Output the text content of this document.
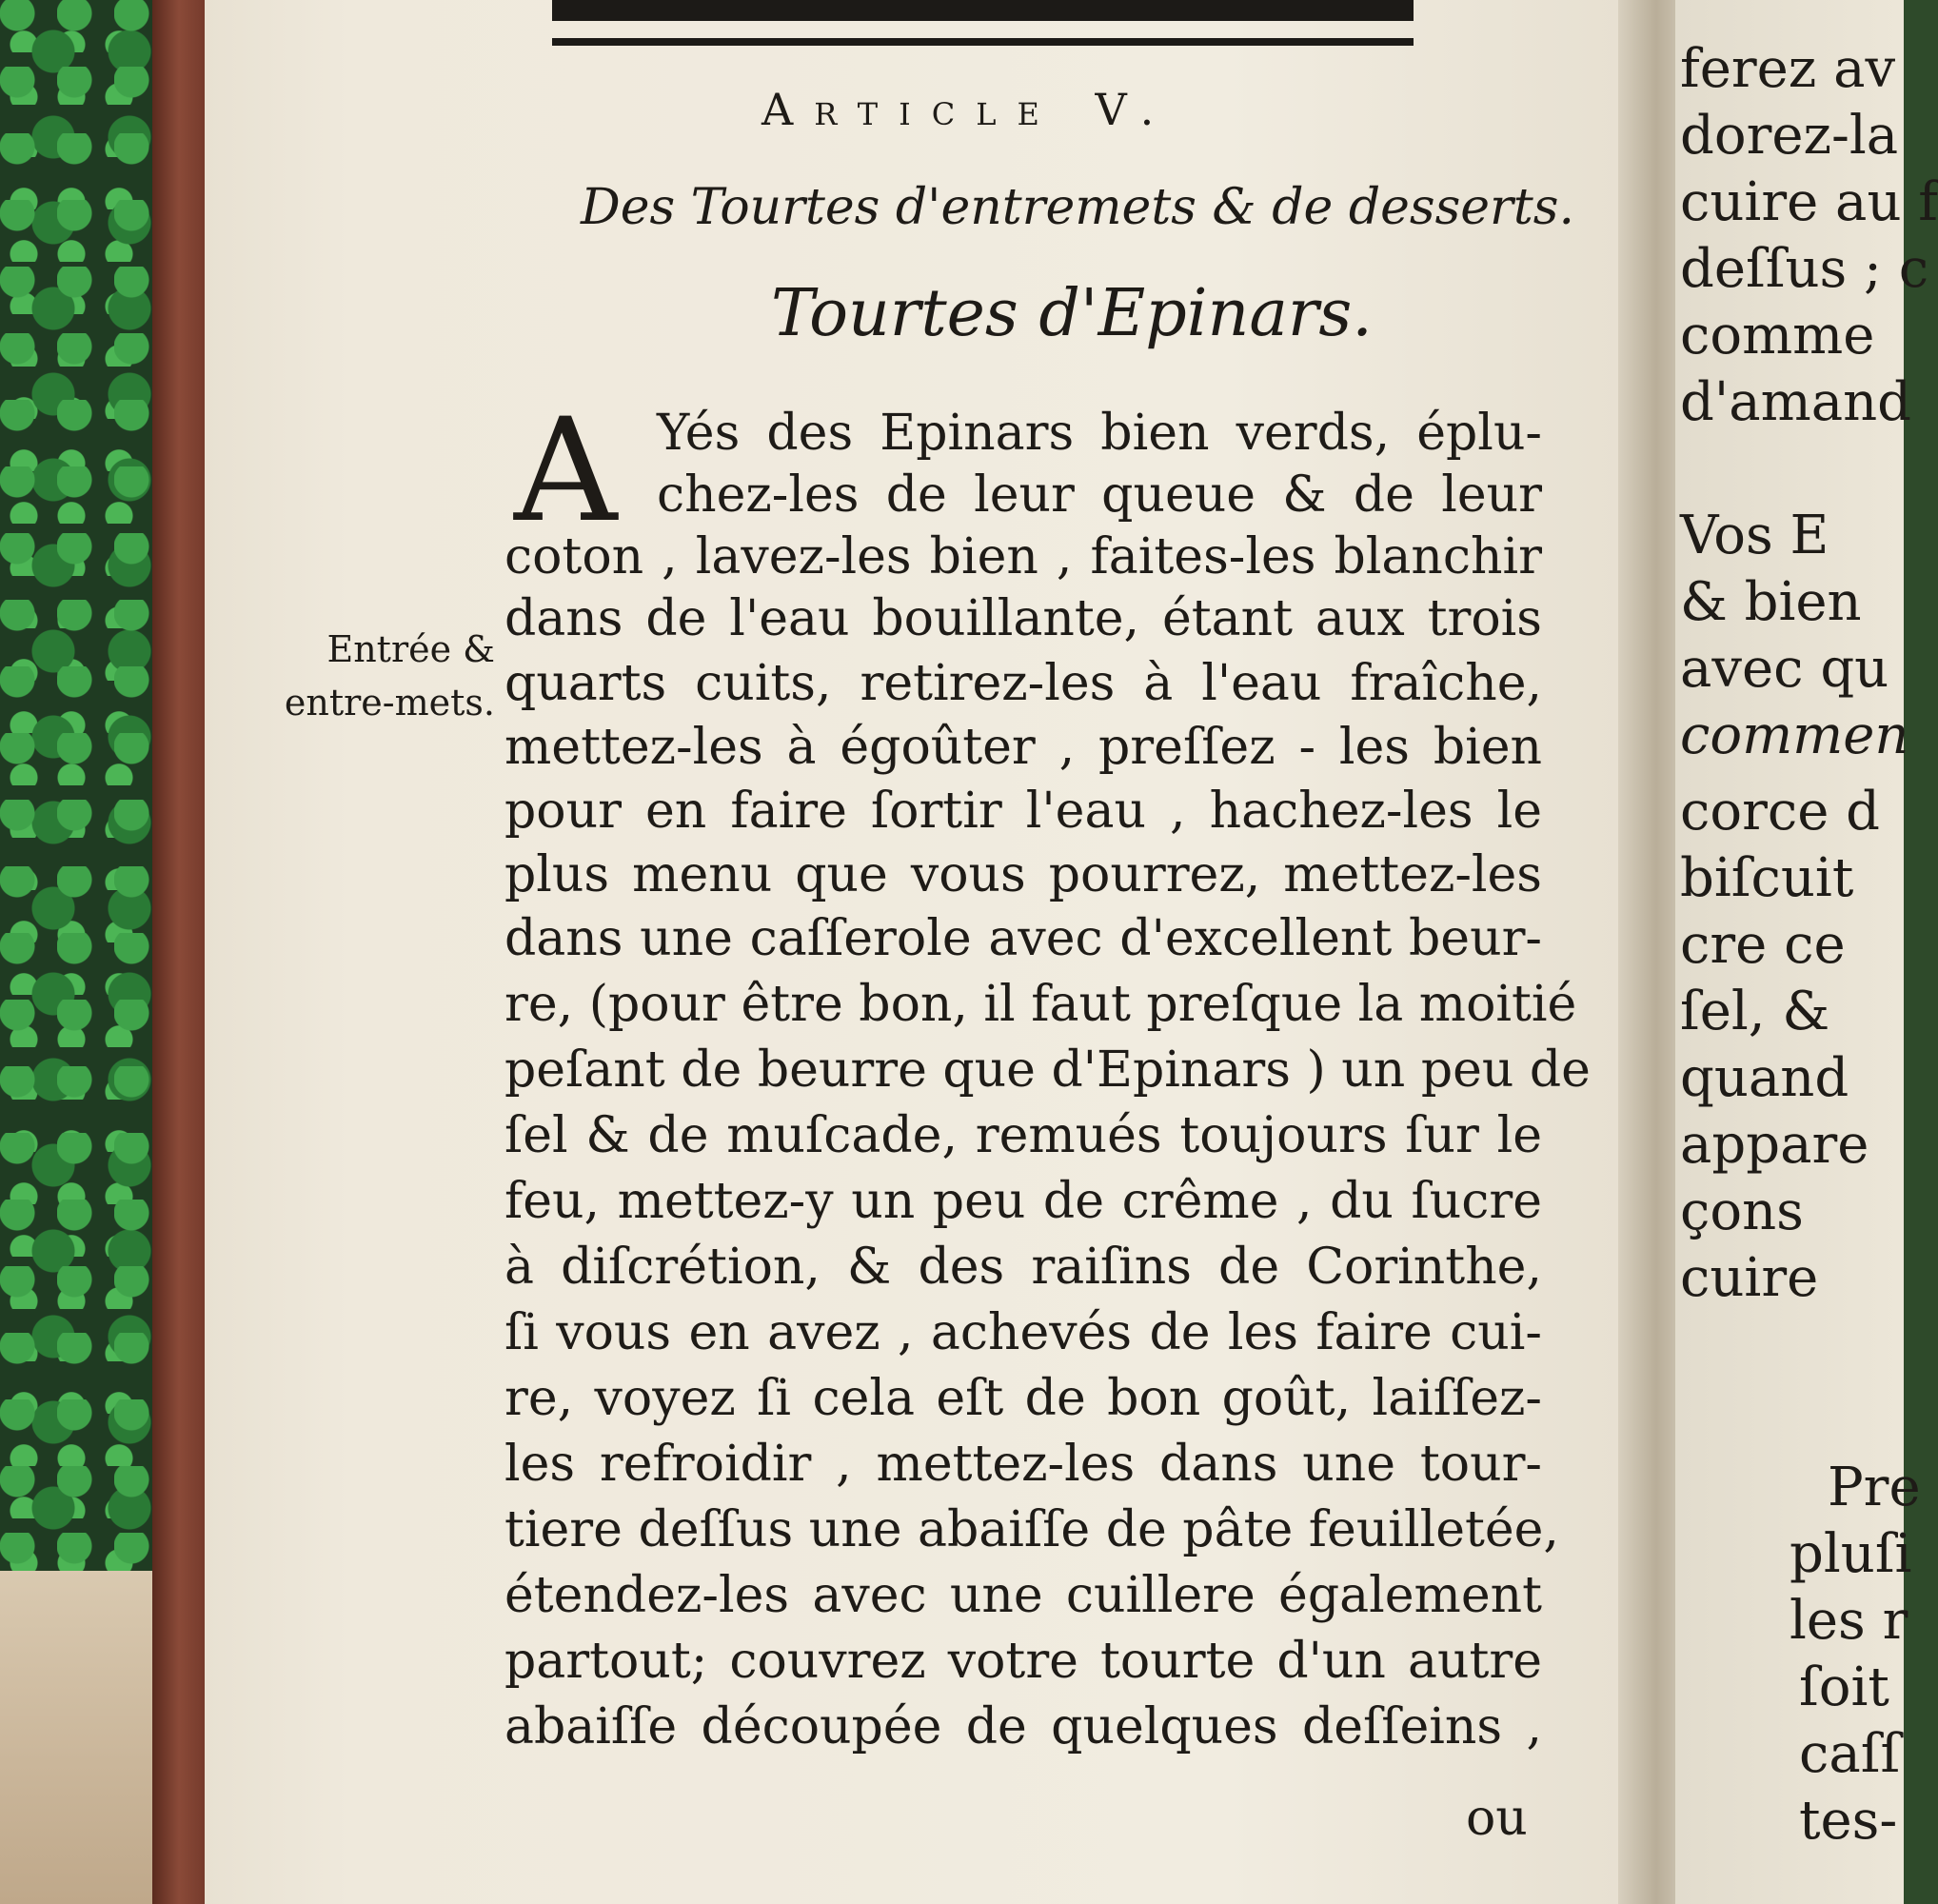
Article V.
Des Tourtes d'entremets & de desserts.
Tourtes d'Epinars.
A Yés des Epinars bien verds, éplu-
chez-les de leur queue & de leur
coton , lavez-les bien , faites-les blanchir
dans de l'eau bouillante, étant aux trois
quarts cuits, retirez-les à l'eau fraîche,
mettez-les à égoûter , preſſez - les bien
pour en faire ſortir l'eau , hachez-les le
plus menu que vous pourrez, mettez-les
dans une caſſerole avec d'excellent beur-
re, (pour être bon, il faut preſque la moitié
peſant de beurre que d'Epinars ) un peu de
ſel & de muſcade, remués toujours ſur le
feu, mettez-y un peu de crême , du ſucre
à diſcrétion, & des raiſins de Corinthe,
ſi vous en avez , achevés de les faire cui-
re, voyez ſi cela eſt de bon goût, laiſſez-
les refroidir , mettez-les dans une tour-
tiere deſſus une abaiſſe de pâte feuilletée,
étendez-les avec une cuillere également
partout; couvrez votre tourte d'un autre
abaiſſe découpée de quelques deſſeins ,
ou
Entrée &
entre-mets.
ferez av
dorez-la
cuire au f
deſſus ; c
comme
d'amand
Vos E
& bien
avec qu
commen
corce d
biſcuit
cre ce
ſel, &
quand
appare
çons
cuire
Pre
pluſi
les r
ſoit
caſſ
tes-
